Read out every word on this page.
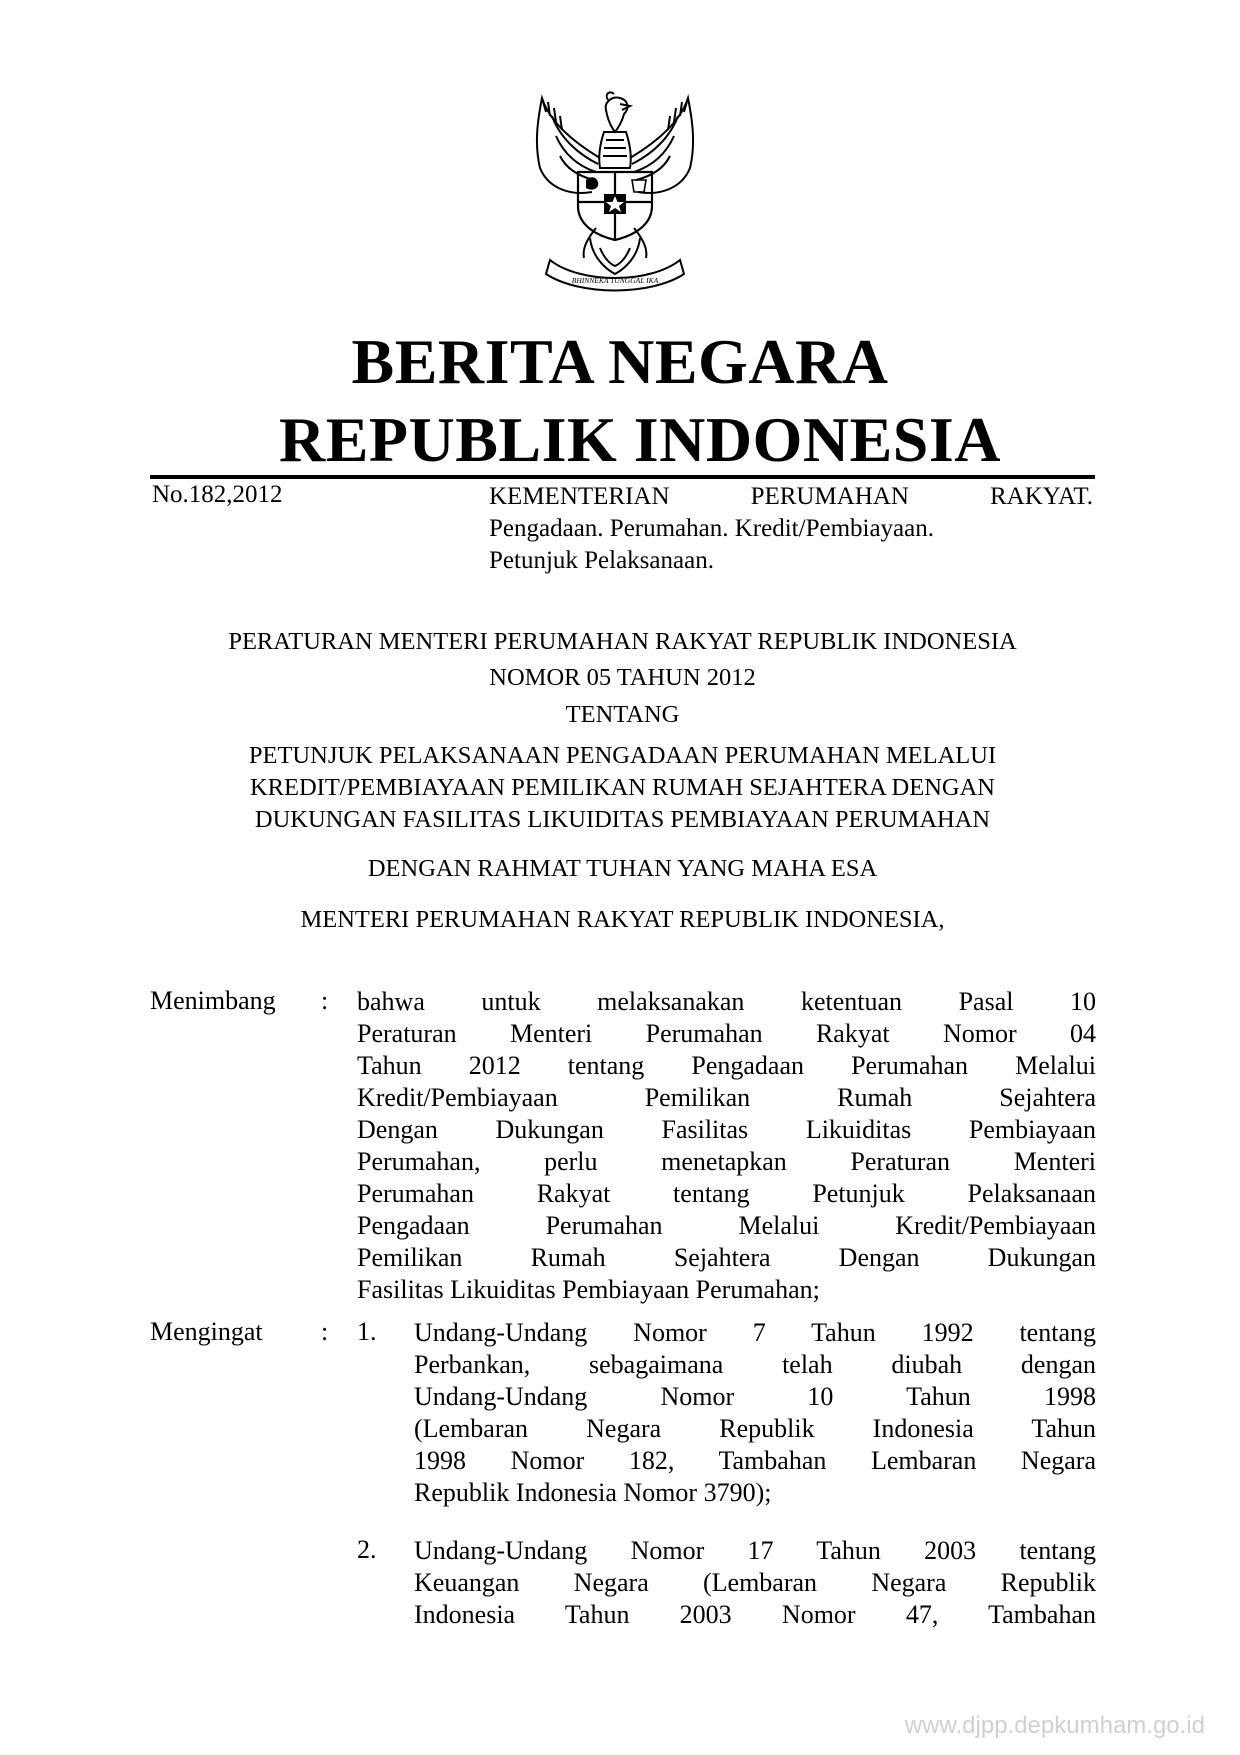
BHINNEKA TUNGGAL IKA
BERITA NEGARA
REPUBLIK INDONESIA
No.182,2012	KEMENTERIAN PERUMAHAN RAKYAT.
Pengadaan. Perumahan. Kredit/Pembiayaan.
Petunjuk Pelaksanaan.
PERATURAN MENTERI PERUMAHAN RAKYAT REPUBLIK INDONESIA
NOMOR 05 TAHUN 2012
TENTANG
PETUNJUK PELAKSANAAN PENGADAAN PERUMAHAN MELALUI
KREDIT/PEMBIAYAAN PEMILIKAN RUMAH SEJAHTERA DENGAN
DUKUNGAN FASILITAS LIKUIDITAS PEMBIAYAAN PERUMAHAN
DENGAN RAHMAT TUHAN YANG MAHA ESA
MENTERI PERUMAHAN RAKYAT REPUBLIK INDONESIA,
Menimbang : bahwa untuk melaksanakan ketentuan Pasal 10
Peraturan Menteri Perumahan Rakyat Nomor 04
Tahun 2012 tentang Pengadaan Perumahan Melalui
Kredit/Pembiayaan Pemilikan Rumah Sejahtera
Dengan Dukungan Fasilitas Likuiditas Pembiayaan
Perumahan, perlu menetapkan Peraturan Menteri
Perumahan Rakyat tentang Petunjuk Pelaksanaan
Pengadaan Perumahan Melalui Kredit/Pembiayaan
Pemilikan Rumah Sejahtera Dengan Dukungan
Fasilitas Likuiditas Pembiayaan Perumahan;
Mengingat : 1. Undang-Undang Nomor 7 Tahun 1992 tentang
Perbankan, sebagaimana telah diubah dengan
Undang-Undang Nomor 10 Tahun 1998
(Lembaran Negara Republik Indonesia Tahun
1998 Nomor 182, Tambahan Lembaran Negara
Republik Indonesia Nomor 3790);
2. Undang-Undang Nomor 17 Tahun 2003 tentang
Keuangan Negara (Lembaran Negara Republik
Indonesia Tahun 2003 Nomor 47, Tambahan
www.djpp.depkumham.go.id
